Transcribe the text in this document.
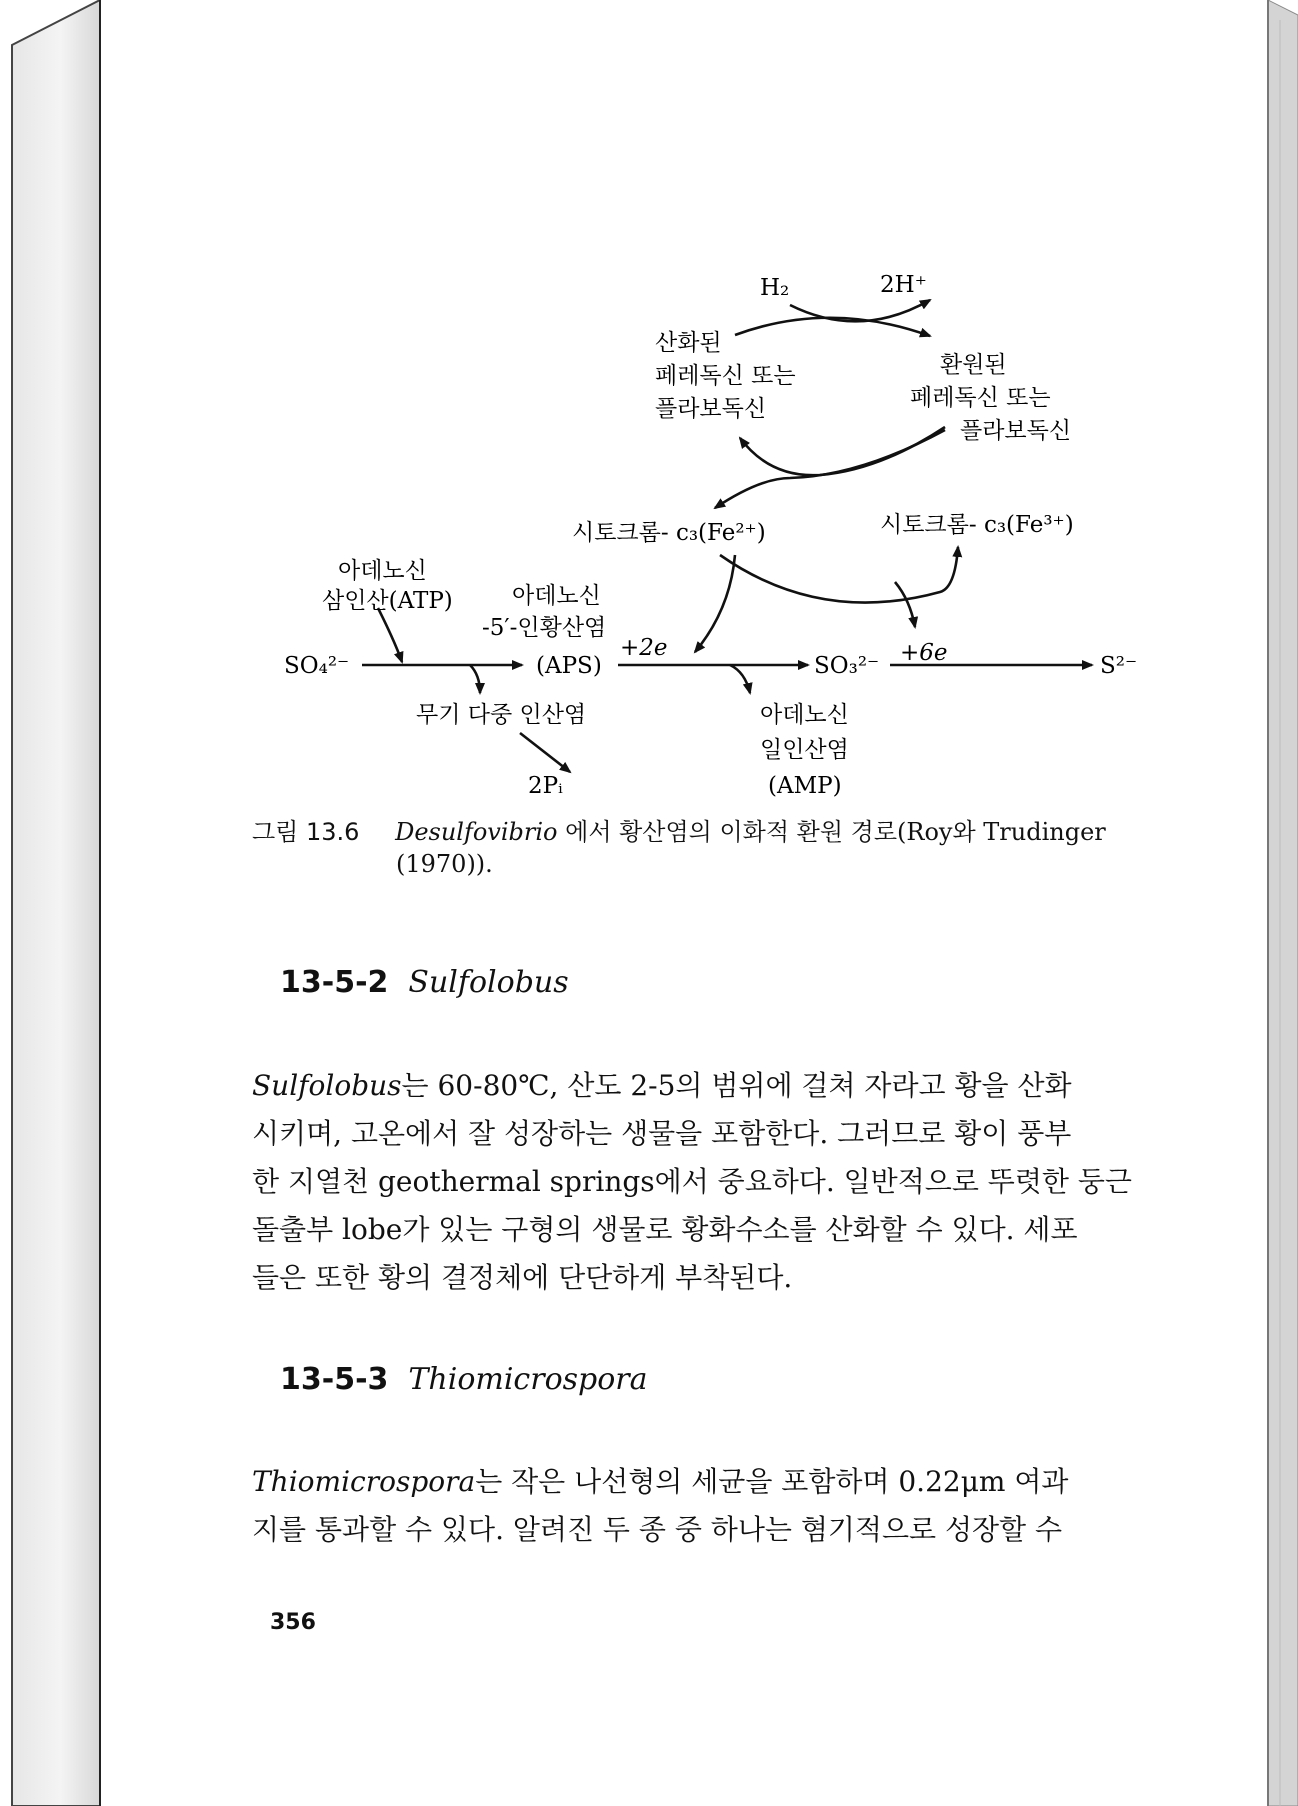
H₂	2H⁺
산화된
페레독신 또는
플라보독신
환원된
페레독신 또는
플라보독신
시토크롬- c₃(Fe²⁺)	시토크롬- c₃(Fe³⁺)
아데노신
삼인산(ATP)	아데노신
-5′-인황산염
SO₄²⁻	(APS)
+2e
SO₃²⁻ +6e	S²⁻
무기 다중 인산염
2Pᵢ
아데노신
일인산염
(AMP)
그림 13.6 Desulfovibrio 에서 황산염의 이화적 환원 경로(Roy와 Trudinger
(1970)).
13-5-2 Sulfolobus
Sulfolobus는 60-80℃, 산도 2-5의 범위에 걸쳐 자라고 황을 산화
시키며, 고온에서 잘 성장하는 생물을 포함한다. 그러므로 황이 풍부
한 지열천 geothermal springs에서 중요하다. 일반적으로 뚜렷한 둥근
돌출부 lobe가 있는 구형의 생물로 황화수소를 산화할 수 있다. 세포
들은 또한 황의 결정체에 단단하게 부착된다.
13-5-3 Thiomicrospora
Thiomicrospora는 작은 나선형의 세균을 포함하며 0.22μm 여과
지를 통과할 수 있다. 알려진 두 종 중 하나는 혐기적으로 성장할 수
356
